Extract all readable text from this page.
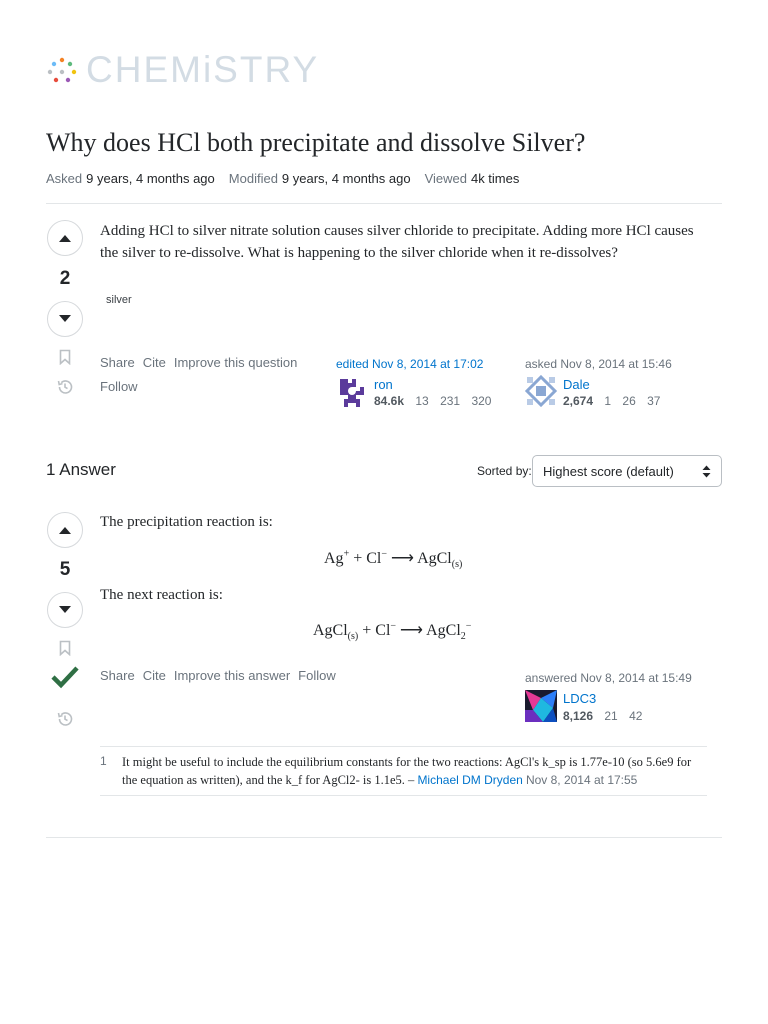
CHEMiSTRY
Why does HCl both precipitate and dissolve Silver?
Asked 9 years, 4 months ago Modified 9 years, 4 months ago Viewed 4k times
2
Adding HCl to silver nitrate solution causes silver chloride to precipitate. Adding more HCl causes the silver to re-dissolve. What is happening to the silver chloride when it re-dissolves?
silver
Share Cite Improve this question
Follow
edited Nov 8, 2014 at 17:02
ron
84.6k 13 231 320
asked Nov 8, 2014 at 15:46
Dale
2,674 1 26 37
1 Answer	Sorted by: Highest score (default)
5
The precipitation reaction is:
Ag+ + Cl− ⟶ AgCl$_{(s)}$
The next reaction is:
AgCl$_{(s)}$ + Cl− ⟶ AgCl$_2$−
Share Cite Improve this answer Follow	answered Nov 8, 2014 at 15:49
LDC3
8,126 21 42
1	It might be useful to include the equilibrium constants for the two reactions: AgCl's k_sp is 1.77e-10 (so 5.6e9 for the equation as written), and the k_f for AgCl2- is 1.1e5. – Michael DM Dryden Nov 8, 2014 at 17:55
